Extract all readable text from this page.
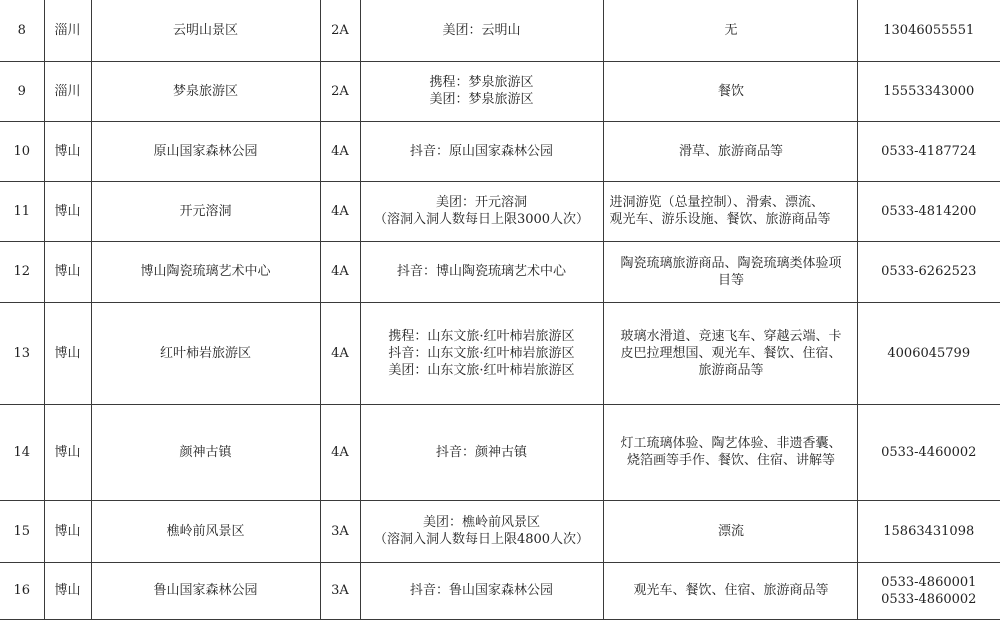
8	淄川	云明山景区	2A	美团：云明山	无	13046055551

9	淄川	梦泉旅游区	2A	携程：梦泉旅游区
美团：梦泉旅游区	餐饮	15553343000

10	博山	原山国家森林公园	4A	抖音：原山国家森林公园	滑草、旅游商品等	0533-4187724

11	博山	开元溶洞	4A	美团：开元溶洞
（溶洞入洞人数每日上限3000人次）	进洞游览（总量控制）、滑索、漂流、
观光车、游乐设施、餐饮、旅游商品等	0533-4814200

12	博山	博山陶瓷琉璃艺术中心	4A	抖音：博山陶瓷琉璃艺术中心	陶瓷琉璃旅游商品、陶瓷琉璃类体验项
目等	0533-6262523

13	博山	红叶柿岩旅游区	4A	携程：山东文旅·红叶柿岩旅游区
抖音：山东文旅·红叶柿岩旅游区
美团：山东文旅·红叶柿岩旅游区	玻璃水滑道、竞速飞车、穿越云端、卡
皮巴拉理想国、观光车、餐饮、住宿、
旅游商品等	4006045799

14	博山	颜神古镇	4A	抖音：颜神古镇	灯工琉璃体验、陶艺体验、非遗香囊、
烧箔画等手作、餐饮、住宿、讲解等	0533-4460002

15	博山	樵岭前风景区	3A	美团：樵岭前风景区
（溶洞入洞人数每日上限4800人次）	漂流	15863431098

16	博山	鲁山国家森林公园	3A	抖音：鲁山国家森林公园	观光车、餐饮、住宿、旅游商品等	0533-4860001
0533-4860002
